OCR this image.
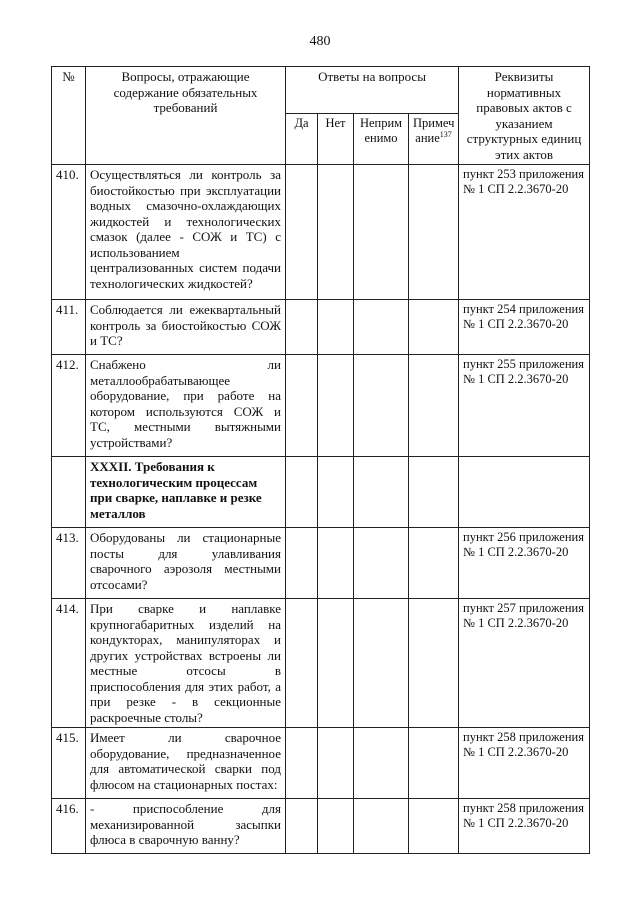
480
№	Вопросы, отражающие содержание обязательных требований	Ответы на вопросы				Реквизиты нормативных правовых актов с указанием структурных единиц этих актов
		Да	Нет	Неприм енимо	Примеч ание$^{137}$
410.	Осуществляться ли контроль за биостойкостью при эксплуатации водных смазочно-охлаждающих жидкостей и технологических смазок (далее - СОЖ и ТС) с использованием централизованных систем подачи технологических жидкостей?					пункт 253 приложения № 1 СП 2.2.3670-20
411.	Соблюдается ли ежеквартальный контроль за биостойкостью СОЖ и ТС?					пункт 254 приложения № 1 СП 2.2.3670-20
412.	Снабжено ли металлообрабатывающее оборудование, при работе на котором используются СОЖ и ТС, местными вытяжными устройствами?					пункт 255 приложения № 1 СП 2.2.3670-20
	XXXII. Требования к технологическим процессам при сварке, наплавке и резке металлов					
413.	Оборудованы ли стационарные посты для улавливания сварочного аэрозоля местными отсосами?					пункт 256 приложения № 1 СП 2.2.3670-20
414.	При сварке и наплавке крупногабаритных изделий на кондукторах, манипуляторах и других устройствах встроены ли местные отсосы в приспособления для этих работ, а при резке - в секционные раскроечные столы?					пункт 257 приложения № 1 СП 2.2.3670-20
415.	Имеет ли сварочное оборудование, предназначенное для автоматической сварки под флюсом на стационарных постах:					пункт 258 приложения № 1 СП 2.2.3670-20
416.	- приспособление для механизированной засыпки флюса в сварочную ванну?					пункт 258 приложения № 1 СП 2.2.3670-20
